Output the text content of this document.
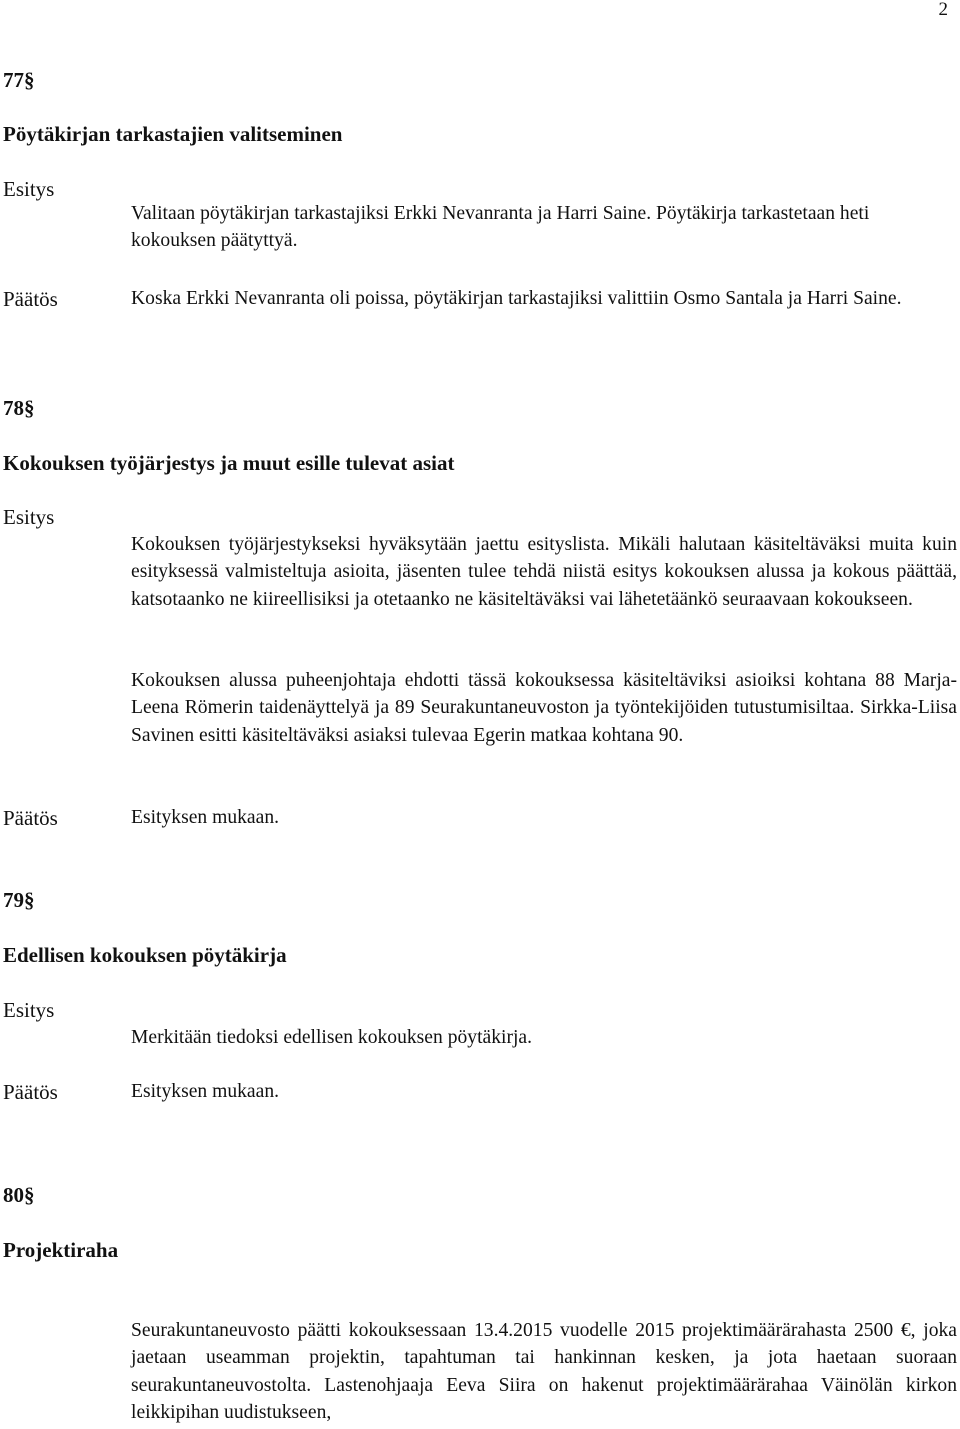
2
77§
Pöytäkirjan tarkastajien valitseminen
Esitys

Valitaan pöytäkirjan tarkastajiksi Erkki Nevanranta ja Harri Saine. Pöytäkirja tarkastetaan heti kokouksen päätyttyä.

Päätös	Koska Erkki Nevanranta oli poissa, pöytäkirjan tarkastajiksi valittiin Osmo Santala ja Harri Saine.

78§
Kokouksen työjärjestys ja muut esille tulevat asiat
Esitys

Kokouksen työjärjestykseksi hyväksytään jaettu esityslista. Mikäli halutaan käsiteltäväksi muita kuin esityksessä valmisteltuja asioita, jäsenten tulee tehdä niistä esitys kokouksen alussa ja kokous päättää, katsotaanko ne kiireellisiksi ja otetaanko ne käsiteltäväksi vai lähetetäänkö seuraavaan kokoukseen.

Kokouksen alussa puheenjohtaja ehdotti tässä kokouksessa käsiteltäviksi asioiksi kohtana 88 Marja-Leena Römerin taidenäyttelyä ja 89 Seurakuntaneuvoston ja työntekijöiden tutustumisiltaa. Sirkka-Liisa Savinen esitti käsiteltäväksi asiaksi tulevaa Egerin matkaa kohtana 90.

Päätös	Esityksen mukaan.
79§
Edellisen kokouksen pöytäkirja
Esitys
Merkitään tiedoksi edellisen kokouksen pöytäkirja.
Päätös	Esityksen mukaan.
80§
Projektiraha

Seurakuntaneuvosto päätti kokouksessaan 13.4.2015 vuodelle 2015 projektimäärärahasta 2500 €, joka jaetaan useamman projektin, tapahtuman tai hankinnan kesken, ja jota haetaan suoraan seurakuntaneuvostolta. Lastenohjaaja Eeva Siira on hakenut projektimäärärahaa Väinölän kirkon leikkipihan uudistukseen,
